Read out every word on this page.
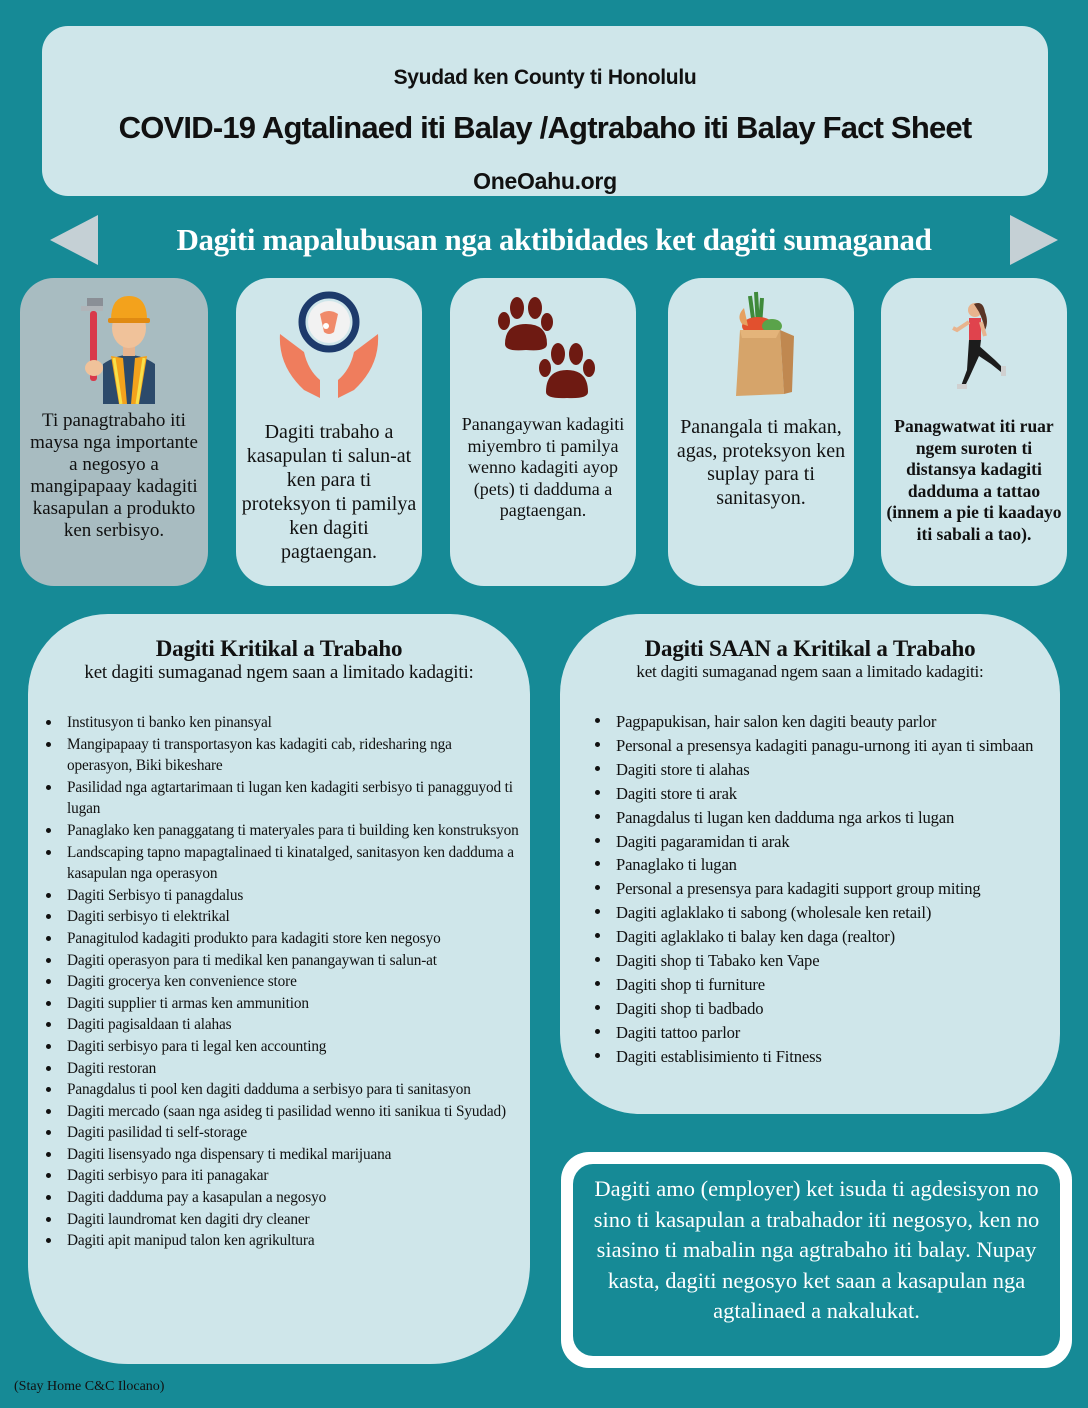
Syudad ken County ti Honolulu
COVID-19 Agtalinaed iti Balay /Agtrabaho iti Balay Fact Sheet
OneOahu.org
Dagiti mapalubusan nga aktibidades ket dagiti sumaganad
Ti panagtrabaho iti maysa nga importante a negosyo a mangipapaay kadagiti kasapulan a produkto ken serbisyo.
Dagiti trabaho a kasapulan ti salun-at ken para ti proteksyon ti pamilya ken dagiti pagtaengan.
Panangaywan kadagiti miyembro ti pamilya wenno kadagiti ayop (pets) ti dadduma a pagtaengan.
Panangala ti makan, agas, proteksyon ken suplay para ti sanitasyon.
Panagwatwat iti ruar ngem suroten ti distansya kadagiti dadduma a tattao (innem a pie ti kaadayo iti sabali a tao).
Dagiti Kritikal a Trabaho
ket dagiti sumaganad ngem saan a limitado kadagiti:
Institusyon ti banko ken pinansyal
Mangipapaay ti transportasyon kas kadagiti cab, ridesharing nga operasyon, Biki bikeshare
Pasilidad nga agtartarimaan ti lugan ken kadagiti serbisyo ti panagguyod ti lugan
Panaglako ken panaggatang ti materyales para ti building ken konstruksyon
Landscaping tapno mapagtalinaed ti kinatalged, sanitasyon ken dadduma a kasapulan nga operasyon
Dagiti Serbisyo ti panagdalus
Dagiti serbisyo ti elektrikal
Panagitulod kadagiti produkto para kadagiti store ken negosyo
Dagiti operasyon para ti medikal ken panangaywan ti salun-at
Dagiti grocerya ken convenience store
Dagiti supplier ti armas ken ammunition
Dagiti pagisaldaan ti alahas
Dagiti serbisyo para ti legal ken accounting
Dagiti restoran
Panagdalus ti pool ken dagiti dadduma a serbisyo para ti sanitasyon
Dagiti mercado (saan nga asideg ti pasilidad wenno iti sanikua ti Syudad)
Dagiti pasilidad ti self-storage
Dagiti lisensyado nga dispensary ti medikal marijuana
Dagiti serbisyo para iti panagakar
Dagiti dadduma pay a kasapulan a negosyo
Dagiti laundromat ken dagiti dry cleaner
Dagiti apit manipud talon ken agrikultura
Dagiti SAAN a Kritikal a Trabaho
ket dagiti sumaganad ngem saan a limitado kadagiti:
Pagpapukisan, hair salon ken dagiti beauty parlor
Personal a presensya kadagiti panagu-urnong iti ayan ti simbaan
Dagiti store ti alahas
Dagiti store ti arak
Panagdalus ti lugan ken dadduma nga arkos ti lugan
Dagiti pagaramidan ti arak
Panaglako ti lugan
Personal a presensya para kadagiti support group miting
Dagiti aglaklako ti sabong (wholesale ken retail)
Dagiti aglaklako ti balay ken daga (realtor)
Dagiti shop ti Tabako ken Vape
Dagiti shop ti furniture
Dagiti shop ti badbado
Dagiti tattoo parlor
Dagiti establisimiento ti Fitness
Dagiti amo (employer) ket isuda ti agdesisyon no sino ti kasapulan a trabahador iti negosyo, ken no siasino ti mabalin nga agtrabaho iti balay. Nupay kasta, dagiti negosyo ket saan a kasapulan nga agtalinaed a nakalukat.
(Stay Home C&C Ilocano)
